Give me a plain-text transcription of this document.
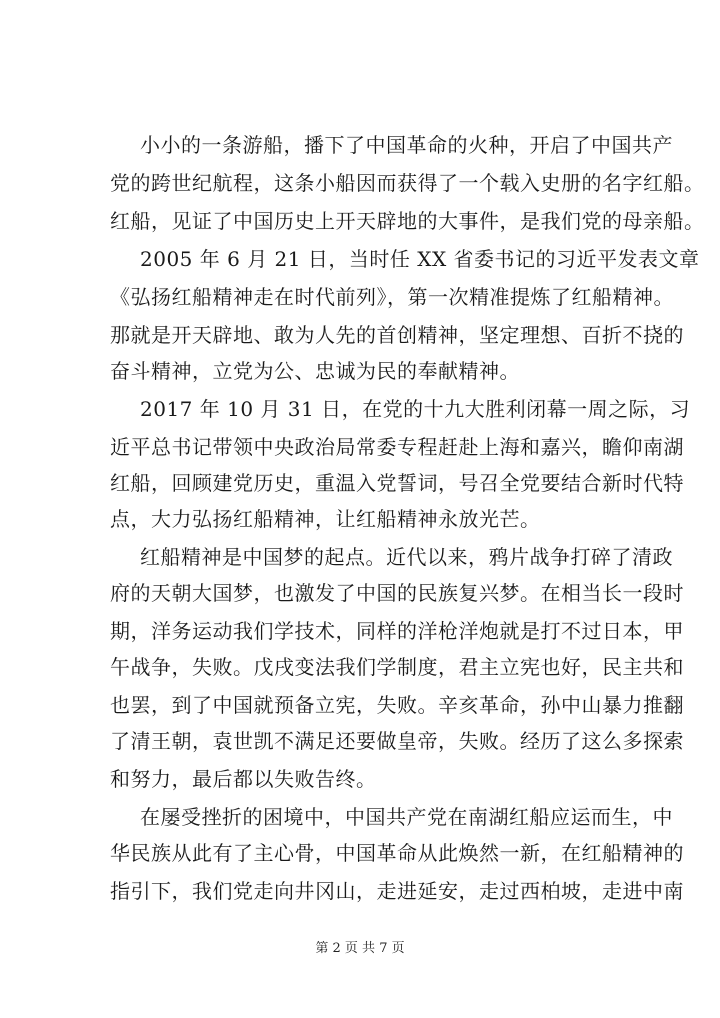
小小的一条游船，播下了中国革命的火种，开启了中国共产
党的跨世纪航程，这条小船因而获得了一个载入史册的名字红船。
红船，见证了中国历史上开天辟地的大事件，是我们党的母亲船。
2005 年 6 月 21 日，当时任 XX 省委书记的习近平发表文章
《弘扬红船精神走在时代前列》，第一次精准提炼了红船精神。
那就是开天辟地、敢为人先的首创精神，坚定理想、百折不挠的
奋斗精神，立党为公、忠诚为民的奉献精神。
2017 年 10 月 31 日，在党的十九大胜利闭幕一周之际，习
近平总书记带领中央政治局常委专程赶赴上海和嘉兴，瞻仰南湖
红船，回顾建党历史，重温入党誓词，号召全党要结合新时代特
点，大力弘扬红船精神，让红船精神永放光芒。
红船精神是中国梦的起点。近代以来，鸦片战争打碎了清政
府的天朝大国梦，也激发了中国的民族复兴梦。在相当长一段时
期，洋务运动我们学技术，同样的洋枪洋炮就是打不过日本，甲
午战争，失败。戊戌变法我们学制度，君主立宪也好，民主共和
也罢，到了中国就预备立宪，失败。辛亥革命，孙中山暴力推翻
了清王朝，袁世凯不满足还要做皇帝，失败。经历了这么多探索
和努力，最后都以失败告终。
在屡受挫折的困境中，中国共产党在南湖红船应运而生，中
华民族从此有了主心骨，中国革命从此焕然一新，在红船精神的
指引下，我们党走向井冈山，走进延安，走过西柏坡，走进中南
第 2 页 共 7 页
